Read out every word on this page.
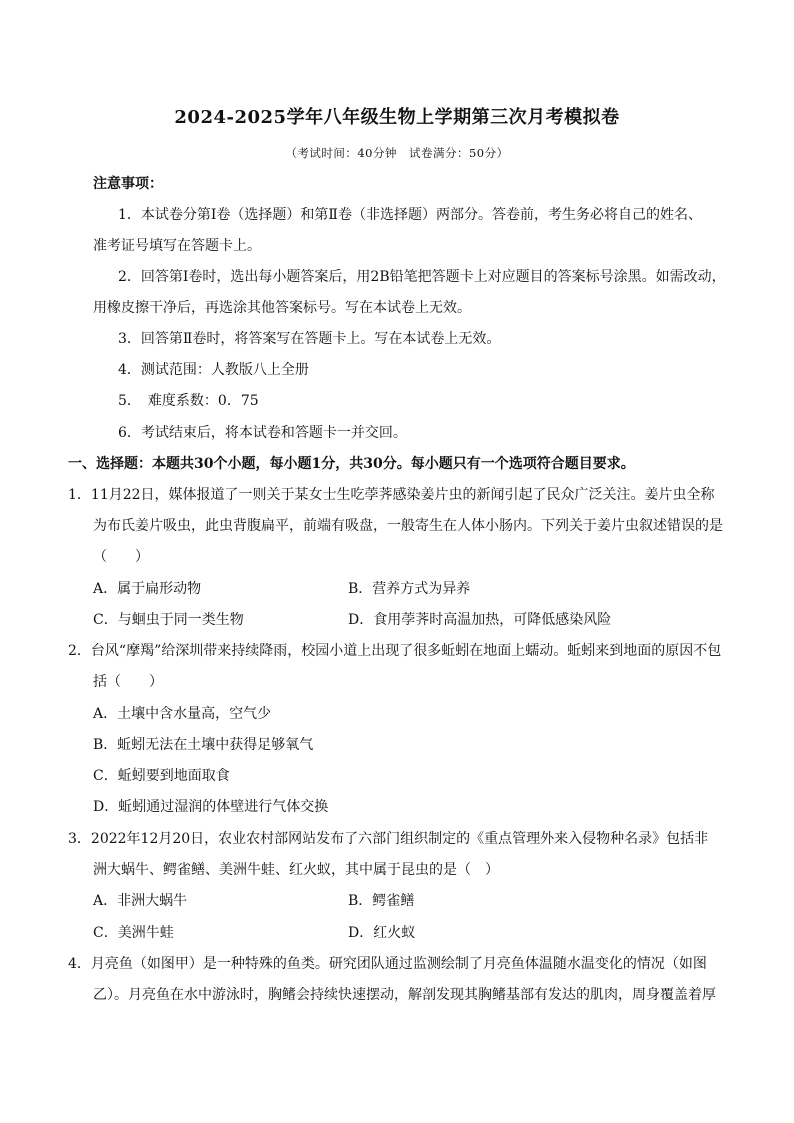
2024-2025学年八年级生物上学期第三次月考模拟卷
（考试时间：40分钟　试卷满分：50分）
注意事项：
1．本试卷分第Ⅰ卷（选择题）和第Ⅱ卷（非选择题）两部分。答卷前，考生务必将自己的姓名、
准考证号填写在答题卡上。
2．回答第Ⅰ卷时，选出每小题答案后，用2B铅笔把答题卡上对应题目的答案标号涂黑。如需改动，
用橡皮擦干净后，再选涂其他答案标号。写在本试卷上无效。
3．回答第Ⅱ卷时，将答案写在答题卡上。写在本试卷上无效。
4．测试范围：人教版八上全册
5．　难度系数：0．75
6．考试结束后，将本试卷和答题卡一并交回。
一、选择题：本题共30个小题，每小题1分，共30分。每小题只有一个选项符合题目要求。
1．11月22日，媒体报道了一则关于某女士生吃荸荠感染姜片虫的新闻引起了民众广泛关注。姜片虫全称
为布氏姜片吸虫，此虫背腹扁平，前端有吸盘，一般寄生在人体小肠内。下列关于姜片虫叙述错误的是
（　　）
A．属于扁形动物	B．营养方式为异养
C．与蛔虫于同一类生物	D．食用荸荠时高温加热，可降低感染风险
2．台风“摩羯”给深圳带来持续降雨，校园小道上出现了很多蚯蚓在地面上蠕动。蚯蚓来到地面的原因不包
括（　　）
A．土壤中含水量高，空气少
B．蚯蚓无法在土壤中获得足够氧气
C．蚯蚓要到地面取食
D．蚯蚓通过湿润的体壁进行气体交换
3．2022年12月20日，农业农村部网站发布了六部门组织制定的《重点管理外来入侵物种名录》包括非
洲大蜗牛、鳄雀鳝、美洲牛蛙、红火蚁，其中属于昆虫的是（　）
A．非洲大蜗牛	B．鳄雀鳝
C．美洲牛蛙	D．红火蚁
4．月亮鱼（如图甲）是一种特殊的鱼类。研究团队通过监测绘制了月亮鱼体温随水温变化的情况（如图
乙）。月亮鱼在水中游泳时，胸鳍会持续快速摆动，解剖发现其胸鳍基部有发达的肌肉，周身覆盖着厚
